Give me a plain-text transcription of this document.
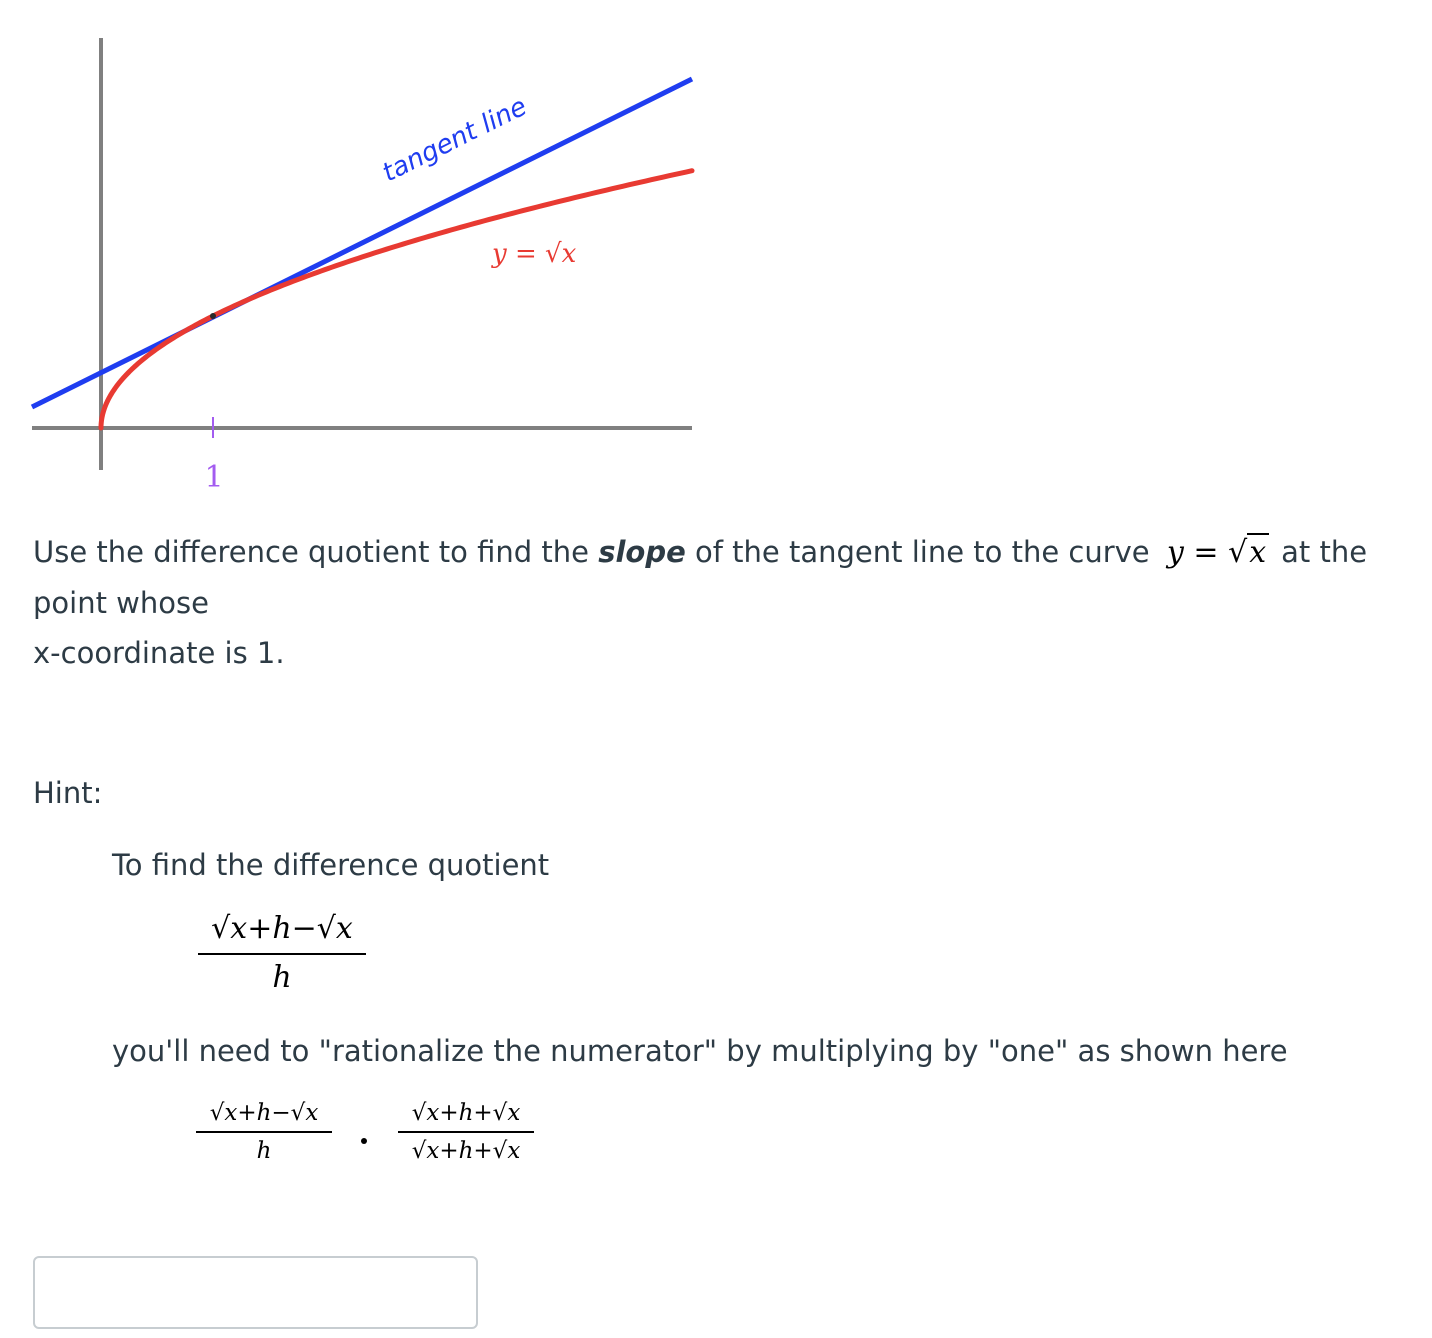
1
tangent line
y = √x
Use the difference quotient to find the slope of the tangent line to the curve y = √x at the point whose
x-coordinate is 1.
Hint:
To find the difference quotient
√x+h−√x
h
you'll need to "rationalize the numerator" by multiplying by "one" as shown here
√x+h−√x
h
√x+h+√x
√x+h+√x
